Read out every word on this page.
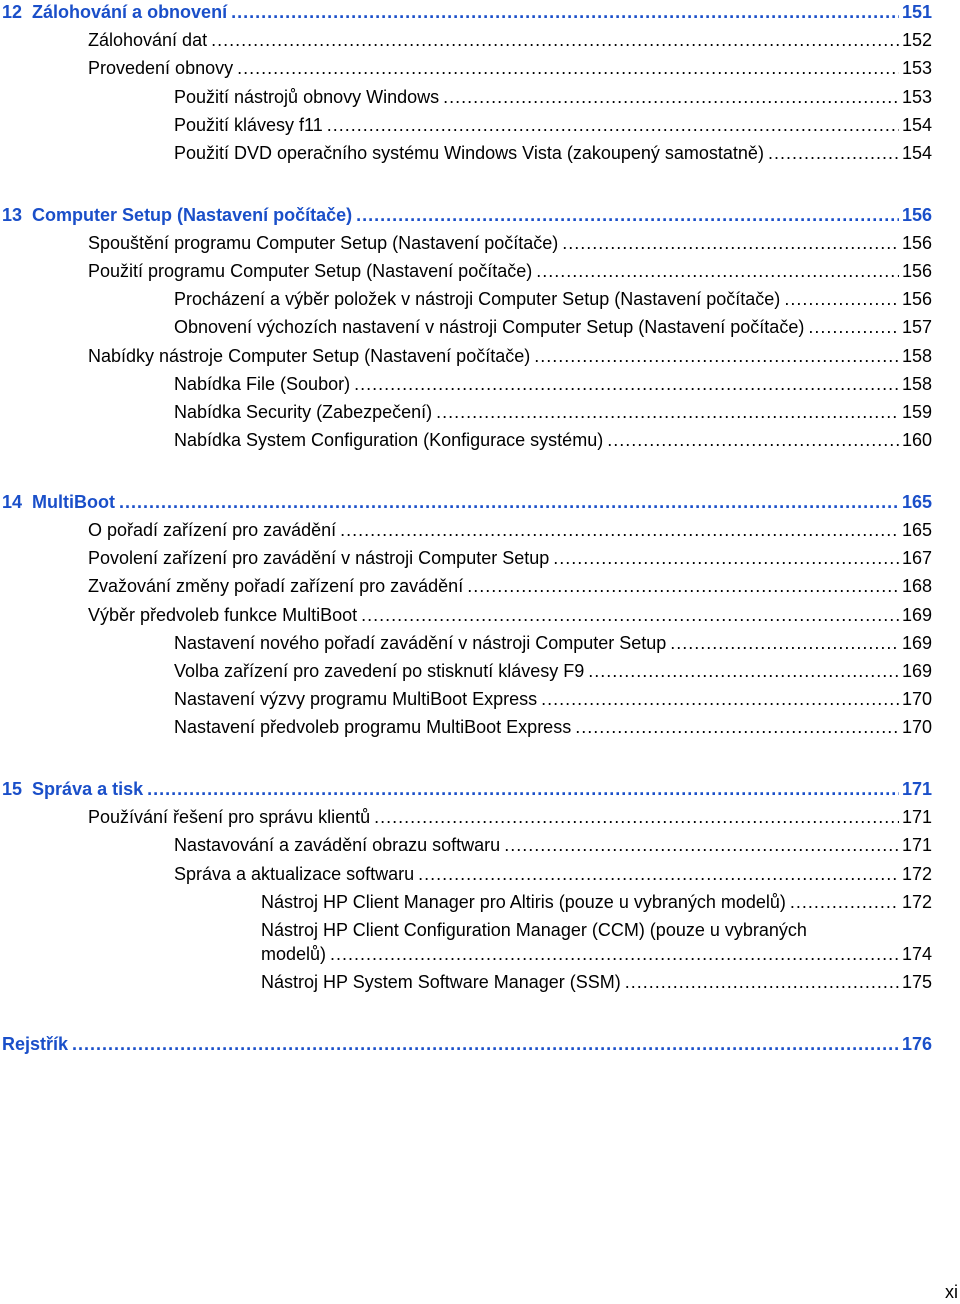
12 Zálohování a obnovení .....	151
Zálohování dat .....	152
Provedení obnovy .....	153
Použití nástrojů obnovy Windows .....	153
Použití klávesy f11 .....	154
Použití DVD operačního systému Windows Vista (zakoupený samostatně) .....	154
13 Computer Setup (Nastavení počítače) .....	156
Spouštění programu Computer Setup (Nastavení počítače) .....	156
Použití programu Computer Setup (Nastavení počítače) .....	156
Procházení a výběr položek v nástroji Computer Setup (Nastavení počítače) .....	156
Obnovení výchozích nastavení v nástroji Computer Setup (Nastavení počítače) .....	157
Nabídky nástroje Computer Setup (Nastavení počítače) .....	158
Nabídka File (Soubor) .....	158
Nabídka Security (Zabezpečení) .....	159
Nabídka System Configuration (Konfigurace systému) .....	160
14 MultiBoot .....	165
O pořadí zařízení pro zavádění .....	165
Povolení zařízení pro zavádění v nástroji Computer Setup .....	167
Zvažování změny pořadí zařízení pro zavádění .....	168
Výběr předvoleb funkce MultiBoot .....	169
Nastavení nového pořadí zavádění v nástroji Computer Setup .....	169
Volba zařízení pro zavedení po stisknutí klávesy F9 .....	169
Nastavení výzvy programu MultiBoot Express .....	170
Nastavení předvoleb programu MultiBoot Express .....	170
15 Správa a tisk .....	171
Používání řešení pro správu klientů .....	171
Nastavování a zavádění obrazu softwaru .....	171
Správa a aktualizace softwaru .....	172
Nástroj HP Client Manager pro Altiris (pouze u vybraných modelů) .....	172
Nástroj HP Client Configuration Manager (CCM) (pouze u vybraných
modelů) .....	174
Nástroj HP System Software Manager (SSM) .....	175
Rejstřík .....	176
xi
